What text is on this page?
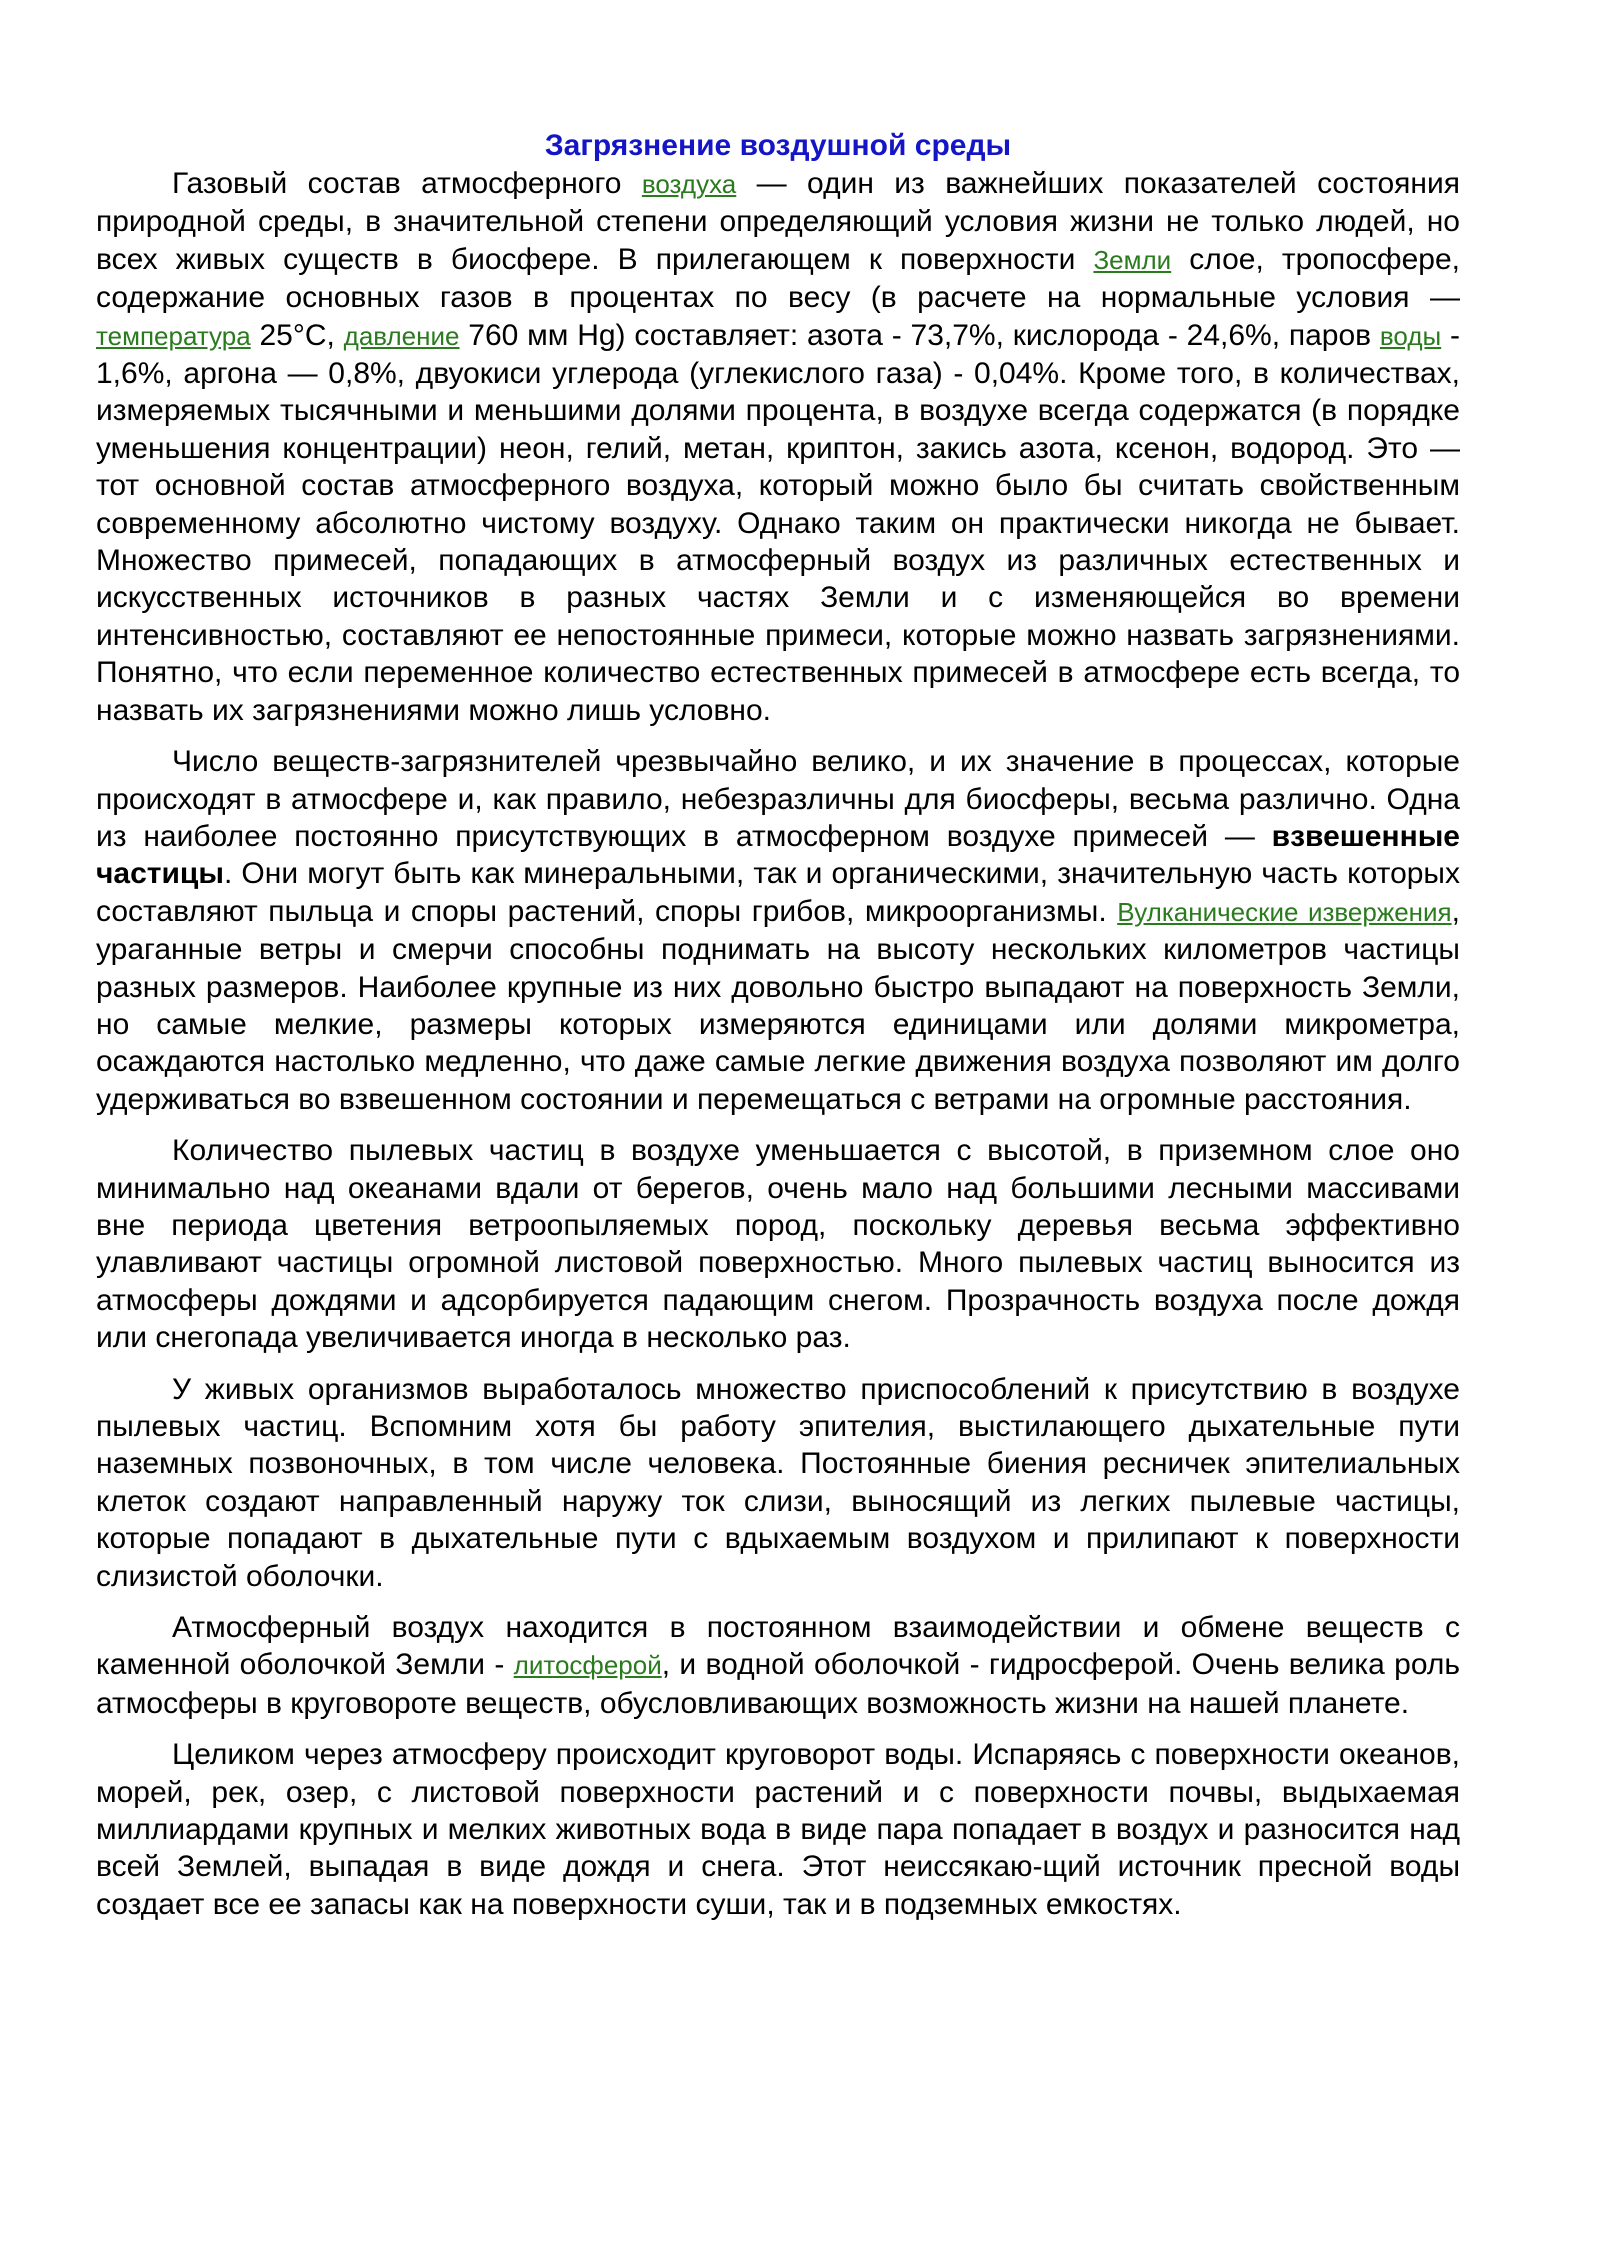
Загрязнение воздушной среды

Газовый состав атмосферного воздуха — один из важнейших показателей состояния природной среды, в значительной степени определяющий условия жизни не только людей, но всех живых существ в биосфере. В прилегающем к поверхности Земли слое, тропосфере, содержание основных газов в процентах по весу (в расчете на нормальные условия — температура 25°С, давление 760 мм Hg) составляет: азота - 73,7%, кислорода - 24,6%, паров воды - 1,6%, аргона — 0,8%, двуокиси углерода (углекислого газа) - 0,04%. Кроме того, в количествах, измеряемых тысячными и меньшими долями процента, в воздухе всегда содержатся (в порядке уменьшения концентрации) неон, гелий, метан, криптон, закись азота, ксенон, водород. Это — тот основной состав атмосферного воздуха, который можно было бы считать свойственным современному абсолютно чистому воздуху. Однако таким он практически никогда не бывает. Множество примесей, попадающих в атмосферный воздух из различных естественных и искусственных источников в разных частях Земли и с изменяющейся во времени интенсивностью, составляют ее непостоянные примеси, которые можно назвать загрязнениями. Понятно, что если переменное количество естественных примесей в атмосфере есть всегда, то назвать их загрязнениями можно лишь условно.

Число веществ-загрязнителей чрезвычайно велико, и их значение в процессах, которые происходят в атмосфере и, как правило, небезразличны для биосферы, весьма различно. Одна из наиболее постоянно присутствующих в атмосферном воздухе примесей — взвешенные частицы. Они могут быть как минеральными, так и органическими, значительную часть которых составляют пыльца и споры растений, споры грибов, микроорганизмы. Вулканические извержения, ураганные ветры и смерчи способны поднимать на высоту нескольких километров частицы разных размеров. Наиболее крупные из них довольно быстро выпадают на поверхность Земли, но самые мелкие, размеры которых измеряются единицами или долями микрометра, осаждаются настолько медленно, что даже самые легкие движения воздуха позволяют им долго удерживаться во взвешенном состоянии и перемещаться с ветрами на огромные расстояния.

Количество пылевых частиц в воздухе уменьшается с высотой, в приземном слое оно минимально над океанами вдали от берегов, очень мало над большими лесными массивами вне периода цветения ветроопыляемых пород, поскольку деревья весьма эффективно улавливают частицы огромной листовой поверхностью. Много пылевых частиц выносится из атмосферы дождями и адсорбируется падающим снегом. Прозрачность воздуха после дождя или снегопада увеличивается иногда в несколько раз.

У живых организмов выработалось множество приспособлений к присутствию в воздухе пылевых частиц. Вспомним хотя бы работу эпителия, выстилающего дыхательные пути наземных позвоночных, в том числе человека. Постоянные биения ресничек эпителиальных клеток создают направленный наружу ток слизи, выносящий из легких пылевые частицы, которые попадают в дыхательные пути с вдыхаемым воздухом и прилипают к поверхности слизистой оболочки.

Атмосферный воздух находится в постоянном взаимодействии и обмене веществ с каменной оболочкой Земли - литосферой, и водной оболочкой - гидросферой. Очень велика роль атмосферы в круговороте веществ, обусловливающих возможность жизни на нашей планете.

Целиком через атмосферу происходит круговорот воды. Испаряясь с поверхности океанов, морей, рек, озер, с листовой поверхности растений и с поверхности почвы, выдыхаемая миллиардами крупных и мелких животных вода в виде пара попадает в воздух и разносится над всей Землей, выпадая в виде дождя и снега. Этот неиссякаю-щий источник пресной воды создает все ее запасы как на поверхности суши, так и в подземных емкостях.
